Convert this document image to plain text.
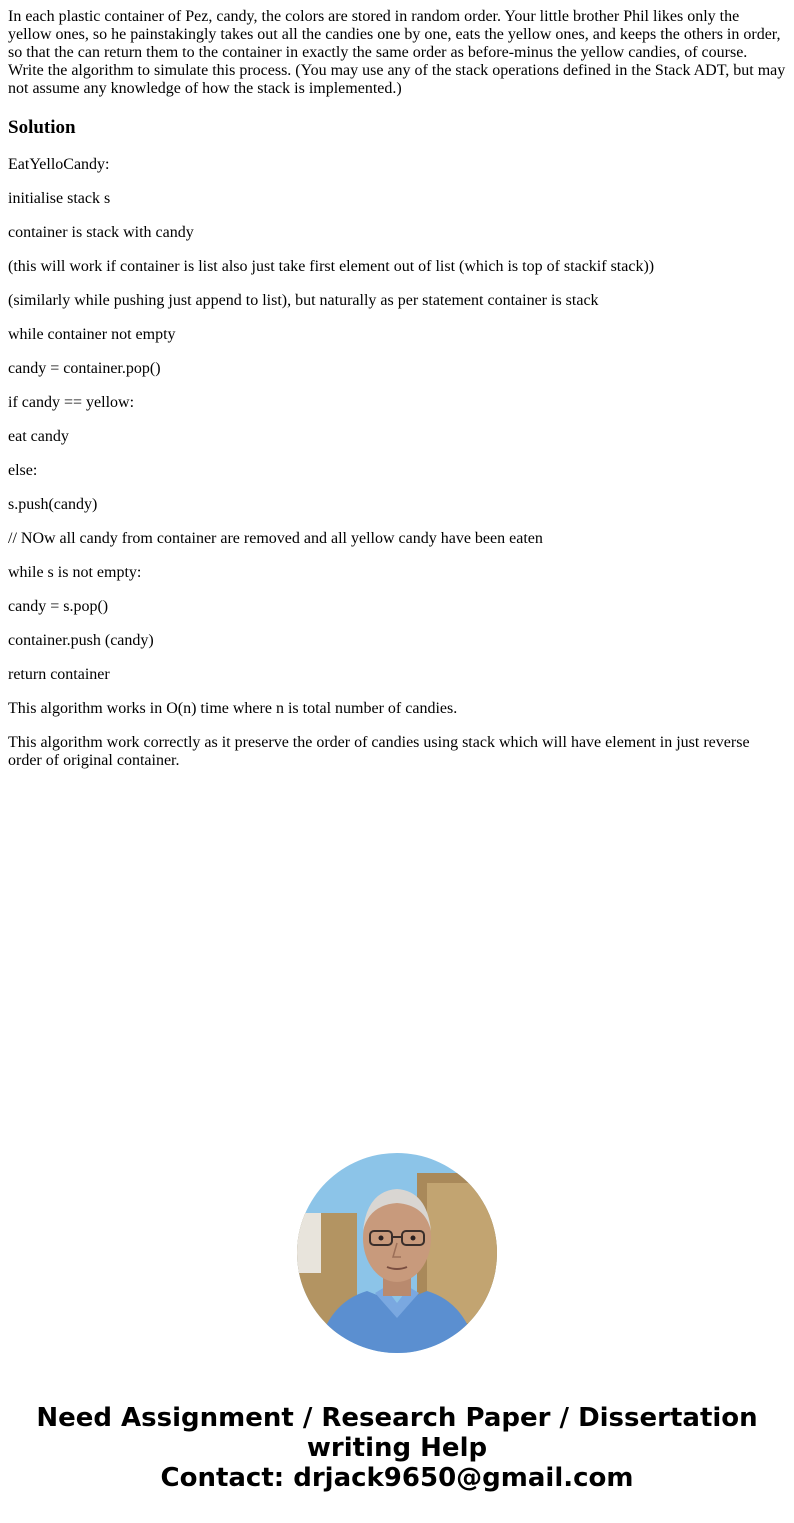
In each plastic container of Pez, candy, the colors are stored in random order. Your little brother Phil likes only the yellow ones, so he painstakingly takes out all the candies one by one, eats the yellow ones, and keeps the others in order, so that the can return them to the container in exactly the same order as before-minus the yellow candies, of course. Write the algorithm to simulate this process. (You may use any of the stack operations defined in the Stack ADT, but may not assume any knowledge of how the stack is implemented.)

Solution

EatYelloCandy:

initialise stack s

container is stack with candy

(this will work if container is list also just take first element out of list (which is top of stackif stack))

(similarly while pushing just append to list), but naturally as per statement container is stack

while container not empty

candy = container.pop()

if candy == yellow:

eat candy

else:

s.push(candy)

// NOw all candy from container are removed and all yellow candy have been eaten

while s is not empty:

candy = s.pop()

container.push (candy)

return container

This algorithm works in O(n) time where n is total number of candies.

This algorithm work correctly as it preserve the order of candies using stack which will have element in just reverse order of original container.

Need Assignment / Research Paper / Dissertation
writing Help
Contact: drjack9650@gmail.com
